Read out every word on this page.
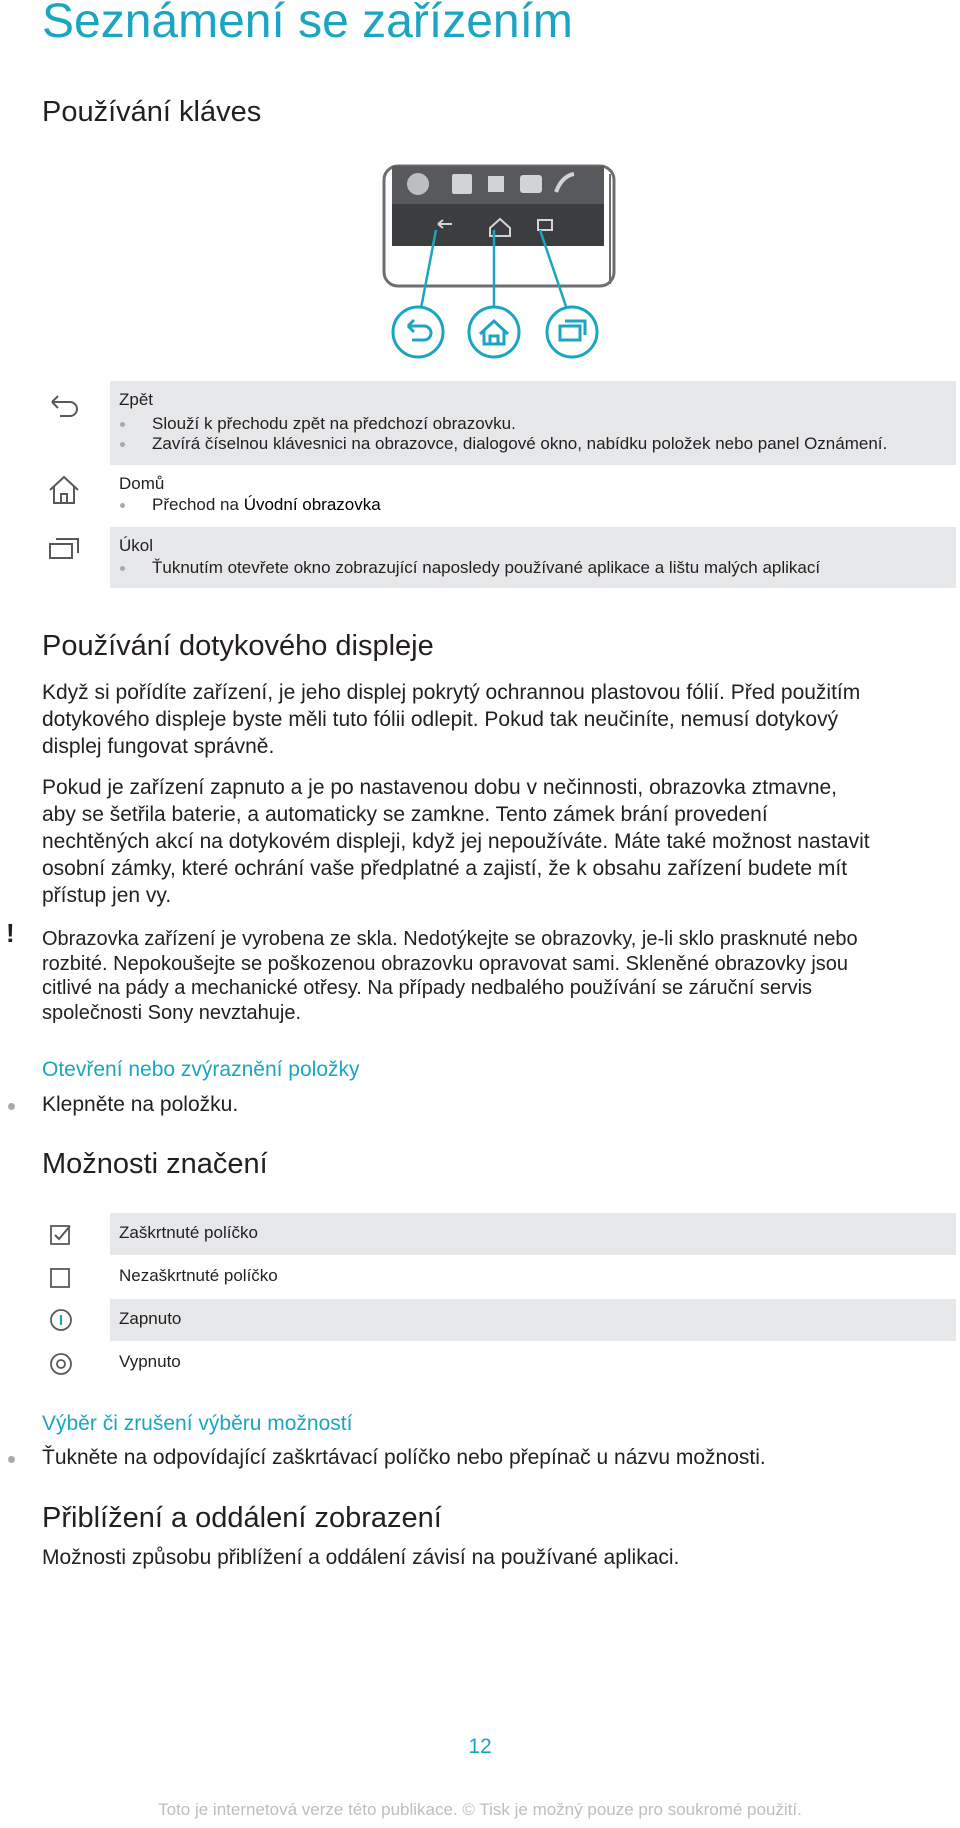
Seznámení se zařízením
Používání kláves
Zpět
Slouží k přechodu zpět na předchozí obrazovku.
Zavírá číselnou klávesnici na obrazovce, dialogové okno, nabídku položek nebo panel Oznámení.
Domů
Přechod na Úvodní obrazovka
Úkol
Ťuknutím otevřete okno zobrazující naposledy používané aplikace a lištu malých aplikací
Používání dotykového displeje

Když si pořídíte zařízení, je jeho displej pokrytý ochrannou plastovou fólií. Před použitím
dotykového displeje byste měli tuto fólii odlepit. Pokud tak neučiníte, nemusí dotykový
displej fungovat správně.

Pokud je zařízení zapnuto a je po nastavenou dobu v nečinnosti, obrazovka ztmavne,
aby se šetřila baterie, a automaticky se zamkne. Tento zámek brání provedení
nechtěných akcí na dotykovém displeji, když jej nepoužíváte. Máte také možnost nastavit
osobní zámky, které ochrání vaše předplatné a zajistí, že k obsahu zařízení budete mít
přístup jen vy.

! Obrazovka zařízení je vyrobena ze skla. Nedotýkejte se obrazovky, je-li sklo prasknuté nebo
rozbité. Nepokoušejte se poškozenou obrazovku opravovat sami. Skleněné obrazovky jsou
citlivé na pády a mechanické otřesy. Na případy nedbalého používání se záruční servis
společnosti Sony nevztahuje.

Otevření nebo zvýraznění položky
Klepněte na položku.
Možnosti značení
Zaškrtnuté políčko
Nezaškrtnuté políčko
Zapnuto
Vypnuto
Výběr či zrušení výběru možností
Ťukněte na odpovídající zaškrtávací políčko nebo přepínač u názvu možnosti.
Přiblížení a oddálení zobrazení
Možnosti způsobu přiblížení a oddálení závisí na používané aplikaci.
12
Toto je internetová verze této publikace. © Tisk je možný pouze pro soukromé použití.
